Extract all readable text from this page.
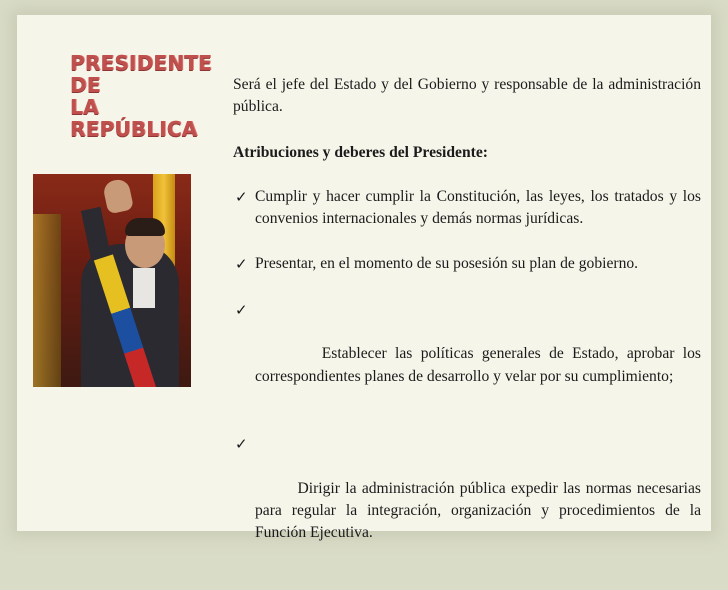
PRESIDENTE DE
LA REPÚBLICA

Será el jefe del Estado y del Gobierno y responsable de la administración pública.

Atribuciones y deberes del Presidente:

✓ Cumplir y hacer cumplir la Constitución, las leyes, los tratados y los convenios internacionales y demás normas jurídicas.
✓ Presentar, en el momento de su posesión su plan de gobierno.

✓

Establecer las políticas generales de Estado, aprobar los correspondientes planes de desarrollo y velar por su cumplimiento;

✓

Dirigir la administración pública expedir las normas necesarias para regular la integración, organización y procedimientos de la Función Ejecutiva.
